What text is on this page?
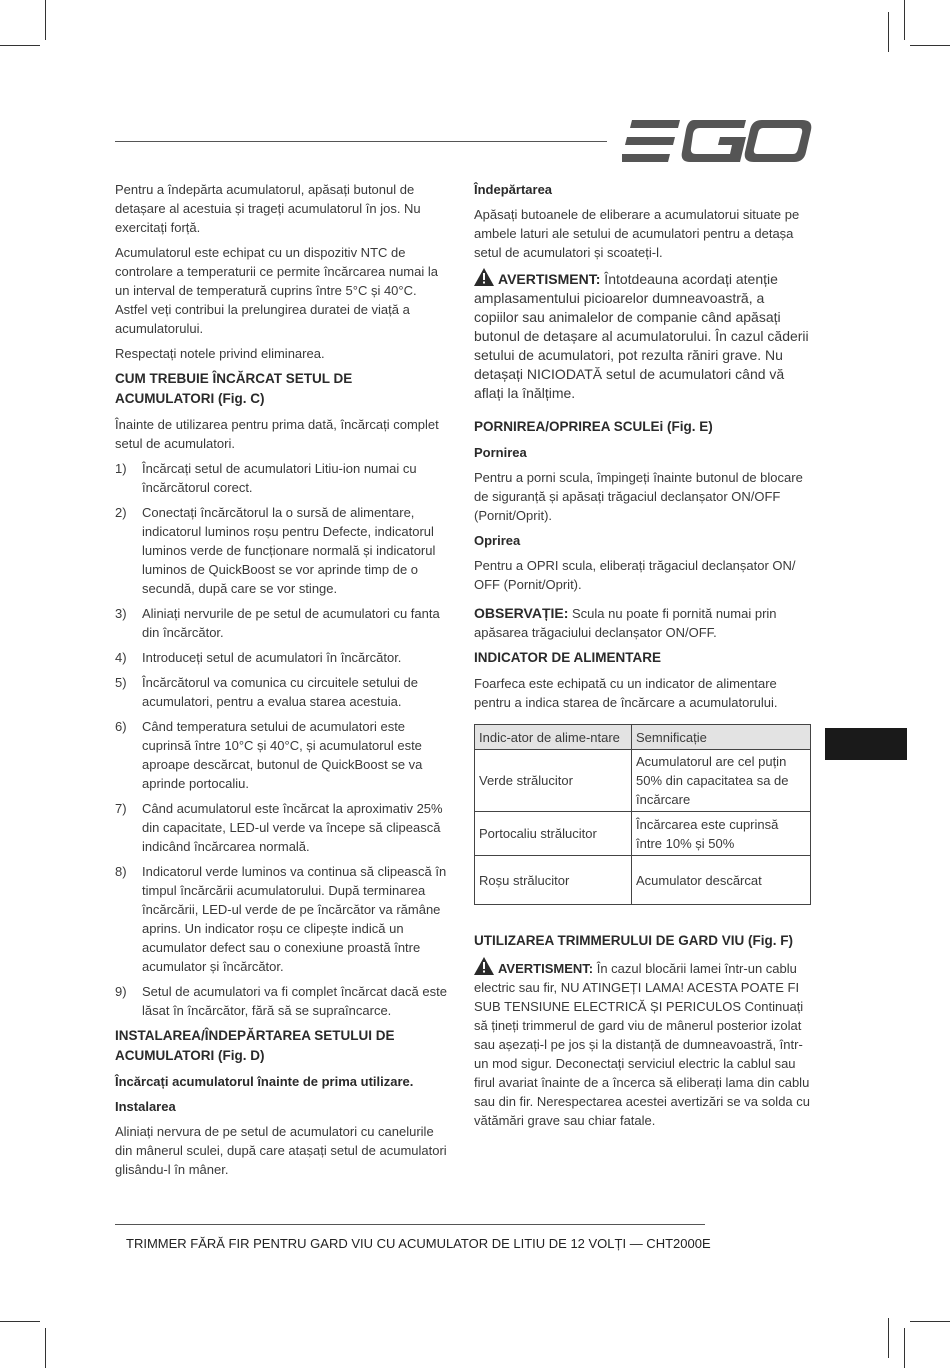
Pentru a îndepărta acumulatorul, apăsați butonul de detașare al acestuia și trageți acumulatorul în jos. Nu exercitați forță.

Acumulatorul este echipat cu un dispozitiv NTC de controlare a temperaturii ce permite încărcarea numai la un interval de temperatură cuprins între 5°C și 40°C. Astfel veți contribui la prelungirea duratei de viață a acumulatorului.

Respectați notele privind eliminarea.

CUM TREBUIE ÎNCĂRCAT SETUL DE ACUMULATORI (Fig. C)

Înainte de utilizarea pentru prima dată, încărcați complet setul de acumulatori.

1)	Încărcați setul de acumulatori Litiu-ion numai cu încărcătorul corect.
2)	Conectați încărcătorul la o sursă de alimentare, indicatorul luminos roșu pentru Defecte, indicatorul luminos verde de funcționare normală și indicatorul luminos de QuickBoost se vor aprinde timp de o secundă, după care se vor stinge.
3)	Aliniați nervurile de pe setul de acumulatori cu fanta din încărcător.
4)	Introduceți setul de acumulatori în încărcător.
5)	Încărcătorul va comunica cu circuitele setului de acumulatori, pentru a evalua starea acestuia.
6)	Când temperatura setului de acumulatori este cuprinsă între 10°C și 40°C, și acumulatorul este aproape descărcat, butonul de QuickBoost se va aprinde portocaliu.
7)	Când acumulatorul este încărcat la aproximativ 25% din capacitate, LED-ul verde va începe să clipească indicând încărcarea normală.
8)	Indicatorul verde luminos va continua să clipească în timpul încărcării acumulatorului. După terminarea încărcării, LED-ul verde de pe încărcător va rămâne aprins. Un indicator roșu ce clipește indică un acumulator defect sau o conexiune proastă între acumulator și încărcător.
9)	Setul de acumulatori va fi complet încărcat dacă este lăsat în încărcător, fără să se supraîncarce.
INSTALAREA/ÎNDEPĂRTAREA SETULUI DE ACUMULATORI (Fig. D)
Încărcați acumulatorul înainte de prima utilizare.
Instalarea

Aliniați nervura de pe setul de acumulatori cu canelurile din mânerul sculei, după care atașați setul de acumulatori glisându-l în mâner.

Îndepărtarea

Apăsați butoanele de eliberare a acumulatorui situate pe ambele laturi ale setului de acumulatori pentru a detașa setul de acumulatori și scoateți-l.

AVERTISMENT: Întotdeauna acordați atenție amplasamentului picioarelor dumneavoastră, a copiilor sau animalelor de companie când apăsați butonul de detașare al acumulatorului. În cazul căderii setului de acumulatori, pot rezulta răniri grave. Nu detașați NICIODATĂ setul de acumulatori când vă aflați la înălțime.

PORNIREA/OPRIREA SCULEi (Fig. E)
Pornirea

Pentru a porni scula, împingeți înainte butonul de blocare de siguranță și apăsați trăgaciul declanșator ON/OFF (Pornit/Oprit).

Oprirea

Pentru a OPRI scula, eliberați trăgaciul declanșator ON/ OFF (Pornit/Oprit).

OBSERVAȚIE: Scula nu poate fi pornită numai prin apăsarea trăgaciului declanșator ON/OFF.

INDICATOR DE ALIMENTARE

Foarfeca este echipată cu un indicator de alimentare pentru a indica starea de încărcare a acumulatorului.

Indic-ator de alime-ntare	Semnificație
Verde strălucitor	Acumulatorul are cel puțin 50% din capacitatea sa de încărcare
Portocaliu strălucitor	Încărcarea este cuprinsă între 10% și 50%
Roșu strălucitor	Acumulator descărcat
UTILIZAREA TRIMMERULUI DE GARD VIU (Fig. F)

AVERTISMENT: În cazul blocării lamei într-un cablu electric sau fir, NU ATINGEȚI LAMA! ACESTA POATE FI SUB TENSIUNE ELECTRICĂ ȘI PERICULOS Continuați să țineți trimmerul de gard viu de mânerul posterior izolat sau așezați-l pe jos și la distanță de dumneavoastră, într-un mod sigur. Deconectați serviciul electric la cablul sau firul avariat înainte de a încerca să eliberați lama din cablu sau din fir. Nerespectarea acestei avertizări se va solda cu vătămări grave sau chiar fatale.

TRIMMER FĂRĂ FIR PENTRU GARD VIU CU ACUMULATOR DE LITIU DE 12 VOLȚI — CHT2000E
